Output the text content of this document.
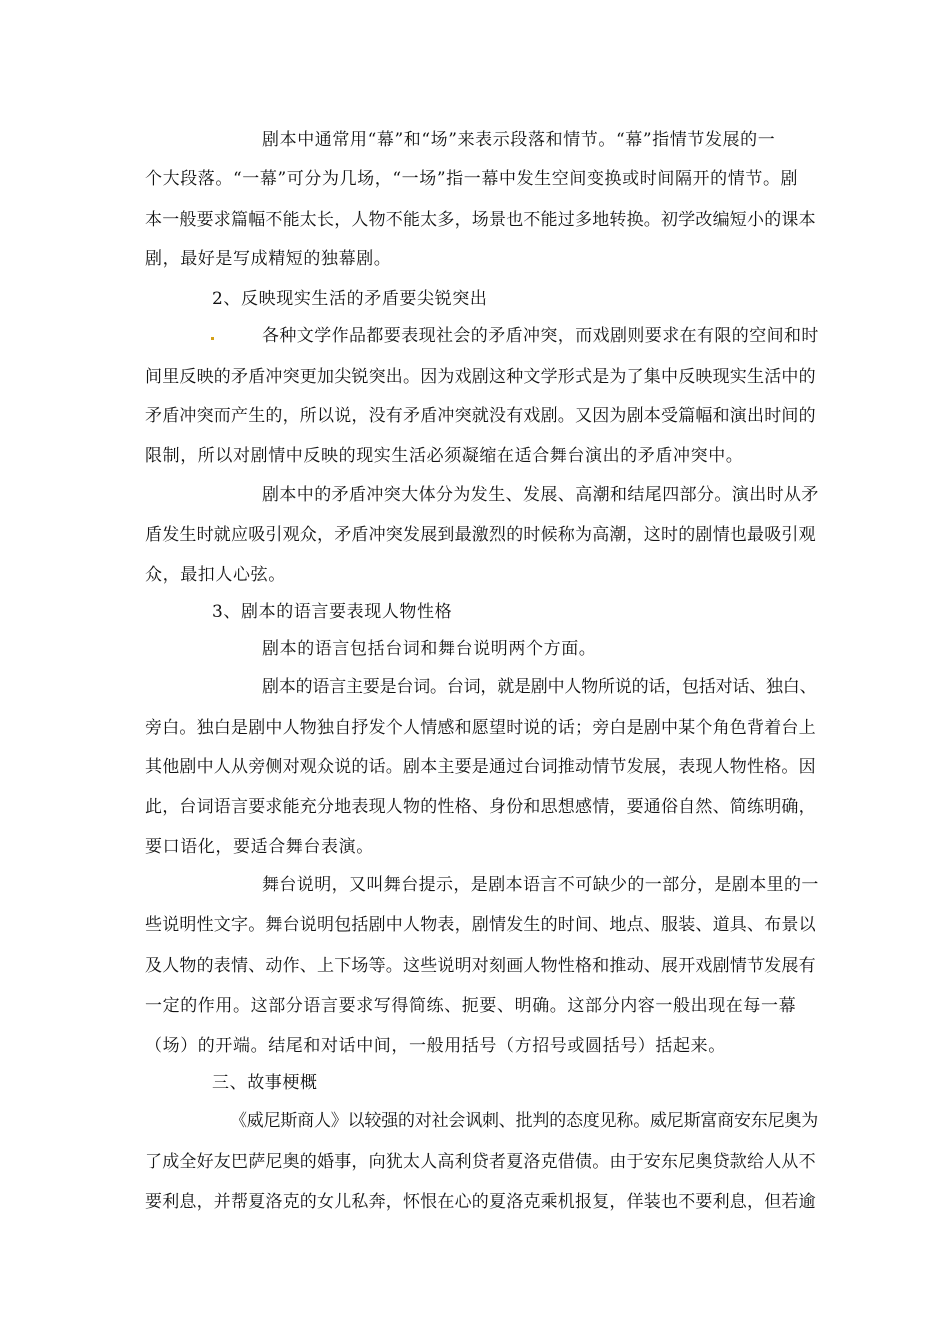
剧本中通常用“幕”和“场”来表示段落和情节。“幕”指情节发展的一
个大段落。“一幕”可分为几场，“一场”指一幕中发生空间变换或时间隔开的情节。剧
本一般要求篇幅不能太长，人物不能太多，场景也不能过多地转换。初学改编短小的课本
剧，最好是写成精短的独幕剧。
2、反映现实生活的矛盾要尖锐突出
各种文学作品都要表现社会的矛盾冲突，而戏剧则要求在有限的空间和时
间里反映的矛盾冲突更加尖锐突出。因为戏剧这种文学形式是为了集中反映现实生活中的
矛盾冲突而产生的，所以说，没有矛盾冲突就没有戏剧。又因为剧本受篇幅和演出时间的
限制，所以对剧情中反映的现实生活必须凝缩在适合舞台演出的矛盾冲突中。
剧本中的矛盾冲突大体分为发生、发展、高潮和结尾四部分。演出时从矛
盾发生时就应吸引观众，矛盾冲突发展到最激烈的时候称为高潮，这时的剧情也最吸引观
众，最扣人心弦。
3、剧本的语言要表现人物性格
剧本的语言包括台词和舞台说明两个方面。
剧本的语言主要是台词。台词，就是剧中人物所说的话，包括对话、独白、
旁白。独白是剧中人物独自抒发个人情感和愿望时说的话；旁白是剧中某个角色背着台上
其他剧中人从旁侧对观众说的话。剧本主要是通过台词推动情节发展，表现人物性格。因
此，台词语言要求能充分地表现人物的性格、身份和思想感情，要通俗自然、简练明确，
要口语化，要适合舞台表演。
舞台说明，又叫舞台提示，是剧本语言不可缺少的一部分，是剧本里的一
些说明性文字。舞台说明包括剧中人物表，剧情发生的时间、地点、服装、道具、布景以
及人物的表情、动作、上下场等。这些说明对刻画人物性格和推动、展开戏剧情节发展有
一定的作用。这部分语言要求写得简练、扼要、明确。这部分内容一般出现在每一幕
（场）的开端。结尾和对话中间，一般用括号（方招号或圆括号）括起来。
三、故事梗概
《威尼斯商人》以较强的对社会讽刺、批判的态度见称。威尼斯富商安东尼奥为
了成全好友巴萨尼奥的婚事，向犹太人高利贷者夏洛克借债。由于安东尼奥贷款给人从不
要利息，并帮夏洛克的女儿私奔，怀恨在心的夏洛克乘机报复，佯装也不要利息，但若逾
